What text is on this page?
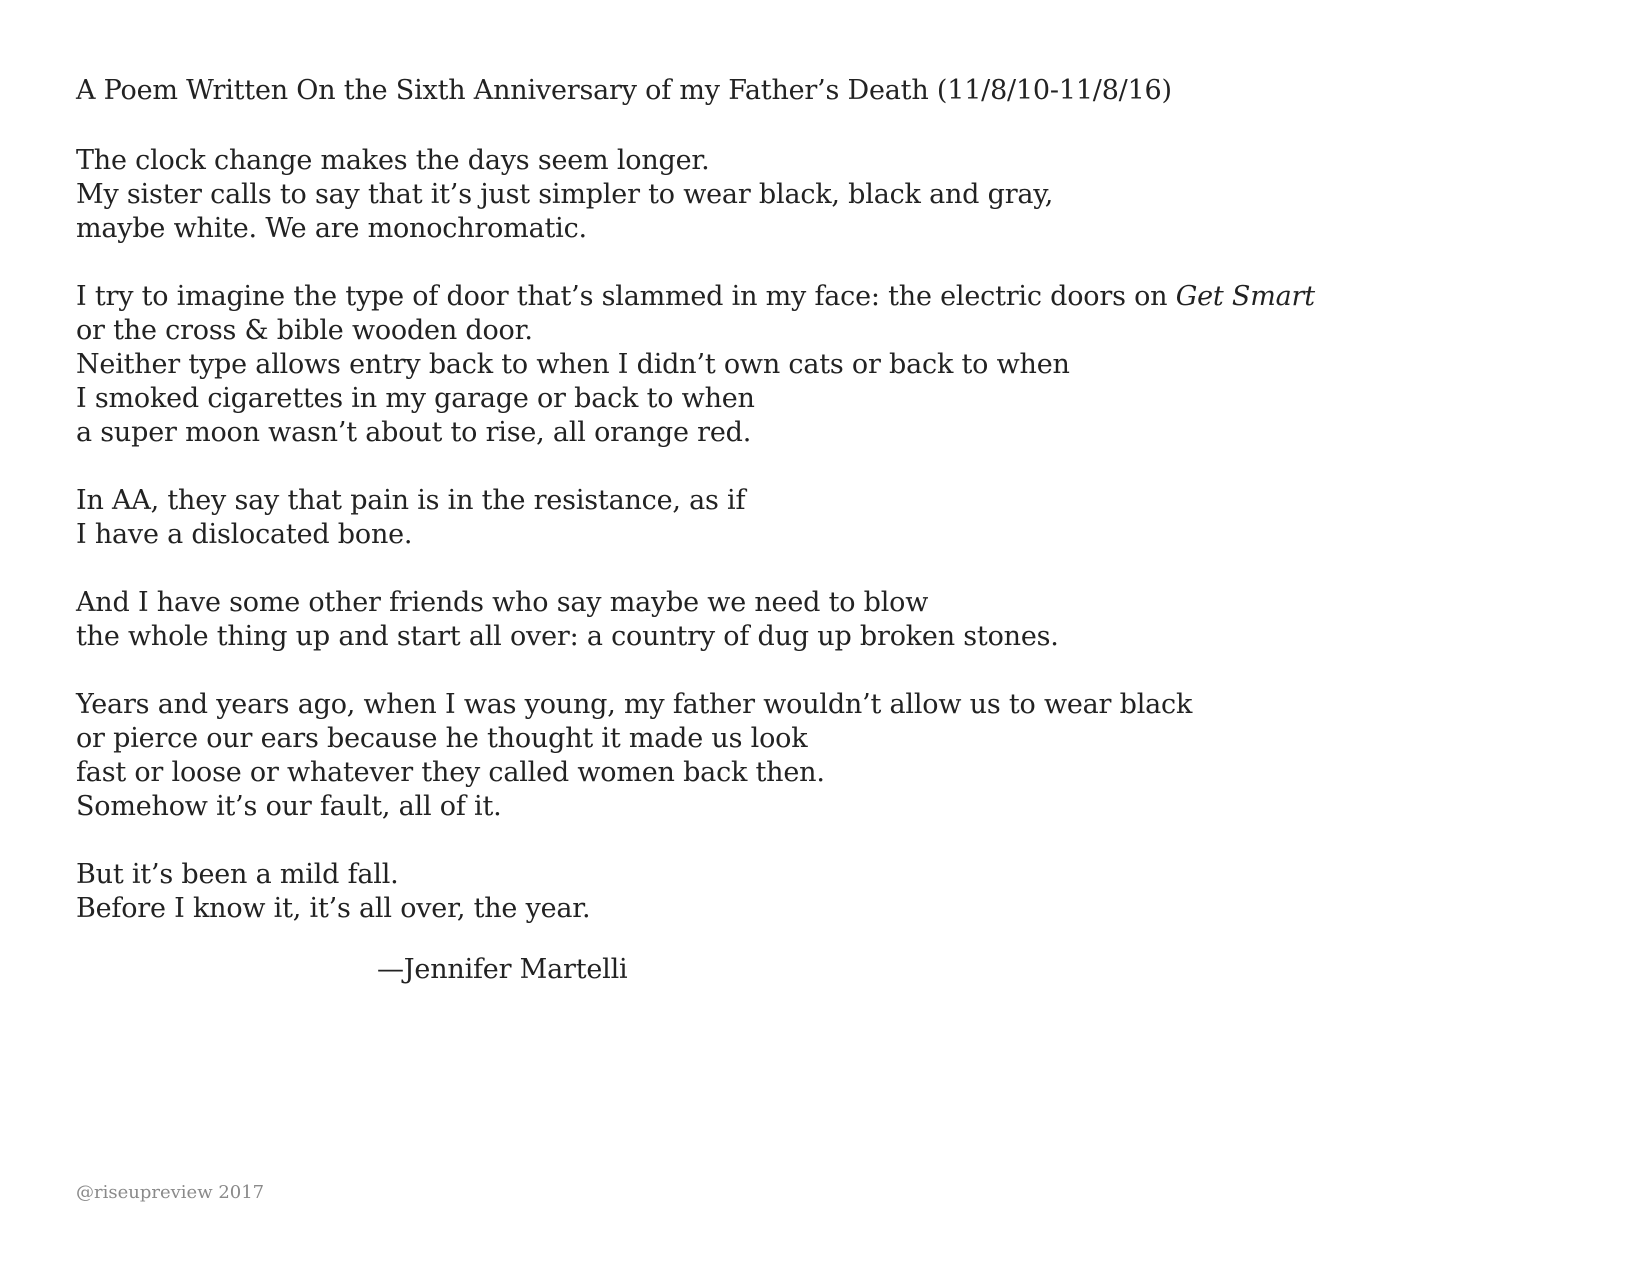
A Poem Written On the Sixth Anniversary of my Father’s Death (11/8/10-11/8/16)
The clock change makes the days seem longer.
My sister calls to say that it’s just simpler to wear black, black and gray,
maybe white. We are monochromatic.
I try to imagine the type of door that’s slammed in my face: the electric doors on Get Smart
or the cross & bible wooden door.
Neither type allows entry back to when I didn’t own cats or back to when
I smoked cigarettes in my garage or back to when
a super moon wasn’t about to rise, all orange red.
In AA, they say that pain is in the resistance, as if
I have a dislocated bone.
And I have some other friends who say maybe we need to blow
the whole thing up and start all over: a country of dug up broken stones.
Years and years ago, when I was young, my father wouldn’t allow us to wear black
or pierce our ears because he thought it made us look
fast or loose or whatever they called women back then.
Somehow it’s our fault, all of it.
But it’s been a mild fall.
Before I know it, it’s all over, the year.
—Jennifer Martelli
@riseupreview 2017
